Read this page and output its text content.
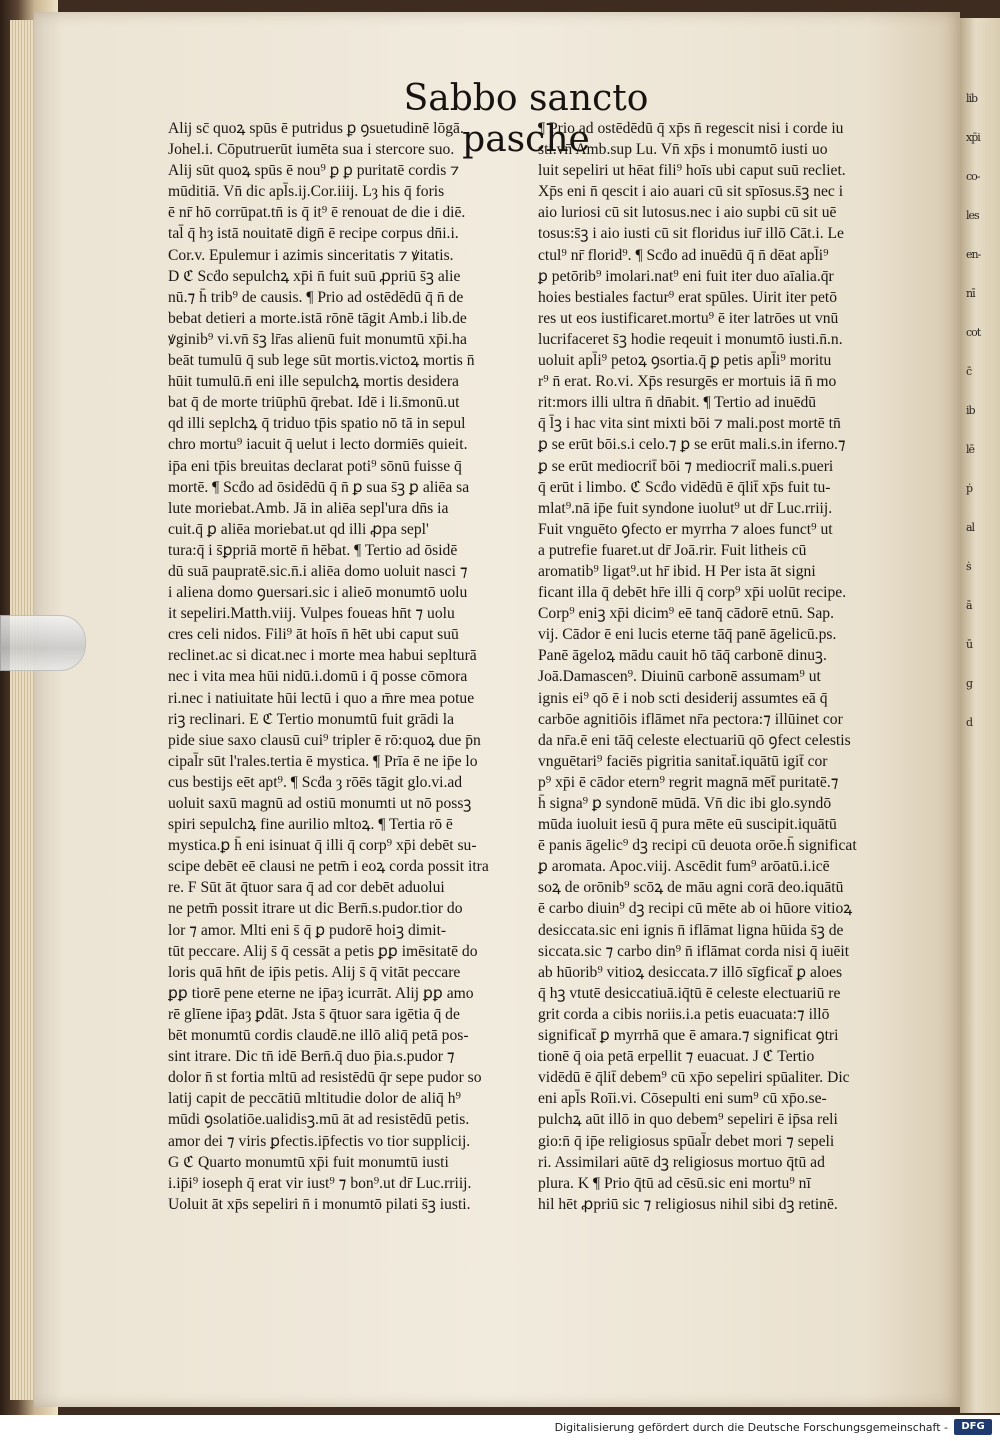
lib
xp̄i
co-
les
en-
nī
cot
c̄
ib
lē
ṗ
al
ṡ
ā
ū
g
d
Sabbo sancto pasche
Alij sc̄ quoꝝ spūs ē putridus ꝑ ꝯsuetudinē lōgā.
Johel.i. Cōputruerūt iumēta sua i stercore suo.
Alij sūt quoꝝ spūs ē nou⁹ ꝑ ꝑ puritatē cordis ⁊
mūditiā. Vn̄ dic apl̄s.ij.Cor.iiij. Lȝ his q̄ foris
ē nr̄ hō corrūpat.tn̄ is q̄ it⁹ ē renouat de die i diē.
tal̄ q̄ hȝ istā nouitatē dign̄ ē recipe corpus dn̄i.i.
Cor.v. Epulemur i azimis sinceritatis ⁊ ꝟitatis.
D ℭ Scḋo sepulchꝝ xp̄i n̄ fuit suū ꝓpriū s̄ꝫ alie
nū.⁊ h̄ trib⁹ de causis. ¶ Prio ad ostēdēdū q̄ n̄ de
bebat detieri a morte.istā rōnē tāgit Amb.i lib.de
ꝟginib⁹ vi.vn̄ s̄ꝫ lr̄as alienū fuit monumtū xp̄i.ha
beāt tumulū q̄ sub lege sūt mortis.victoꝝ mortis n̄
hūit tumulū.n̄ eni ille sepulchꝝ mortis desidera
bat q̄ de morte triūphū q̄rebat. Idē i li.s̄monū.ut
qd illi seplchꝝ q̄ triduo tp̄is spatio nō tā in sepul
chro mortu⁹ iacuit q̄ uelut i lecto dormiēs quieit.
ip̄a eni tp̄is breuitas declarat poti⁹ sōnū fuisse q̄
mortē. ¶ Scḋo ad ōsidēdū q̄ n̄ ꝑ sua s̄ꝫ ꝑ aliēa sa
lute moriebat.Amb. Jā in aliēa sepl'ura dn̄s ia
cuit.q̄ ꝑ aliēa moriebat.ut qd illi ꝓpa sepl'
tura:q̄ i s̄ꝑpriā mortē n̄ hēbat. ¶ Tertio ad ōsidē
dū suā paupratē.sic.n̄.i aliēa domo uoluit nasci ⁊
i aliena domo ꝯuersari.sic i alieō monumtō uolu
it sepeliri.Matth.viij. Vulpes foueas hn̄t ⁊ uolu
cres celi nidos. Fili⁹ āt hoīs n̄ hēt ubi caput suū
reclinet.ac si dicat.nec i morte mea habui seplturā
nec i vita mea hūi nidū.i.domū i q̄ posse cōmora
ri.nec i natiuitate hūi lectū i quo a m̄re mea potue
riꝫ reclinari. E ℭ Tertio monumtū fuit grādi la
pide siue saxo clausū cui⁹ tripler ē rō:quoꝝ due p̄n
cipal̄r sūt l'rales.tertia ē mystica. ¶ Prīa ē ne ip̄e lo
cus bestijs eēt apt⁹. ¶ Scḋa ȝ rōēs tāgit glo.vi.ad
uoluit saxū magnū ad ostiū monumti ut nō possꝫ
spiri sepulchꝝ fine aurilio mltoꝝ. ¶ Tertia rō ē
mystica.ꝑ h̄ eni isinuat q̄ illi q̄ corp⁹ xp̄i debēt su-
scipe debēt eē clausi ne petm̄ i eoꝝ corda possit itra
re. F Sūt āt q̄tuor sara q̄ ad cor debēt aduolui
ne petm̄ possit itrare ut dic Bern̄.s.pudor.tior do
lor ⁊ amor. Mlti eni s̄ q̄ ꝑ pudorē hoiꝫ dimit-
tūt peccare. Alij s̄ q̄ cessāt a petis ꝑꝑ imēsitatē do
loris quā hn̄t de ip̄is petis. Alij s̄ q̄ vitāt peccare
ꝑꝑ tiorē pene eterne ne ip̄aȝ icurrāt. Alij ꝑꝑ amo
rē glīene ip̄aȝ ꝑdāt. Jsta s̄ q̄tuor sara igētia q̄ de
bēt monumtū cordis claudē.ne illō aliq̄ petā pos-
sint itrare. Dic tn̄ idē Bern̄.q̄ duo p̄ia.s.pudor ⁊
dolor n̄ st fortia mltū ad resistēdū q̄r sepe pudor so
latij capit de peccātiū mltitudie dolor de aliq̄ h⁹
mūdi ꝯsolatiōe.ualidisꝫ.mū āt ad resistēdū petis.
amor dei ⁊ viris ꝑfectis.ip̄fectis vo tior supplicij.
G ℭ Quarto monumtū xp̄i fuit monumtū iusti
i.ip̄i⁹ ioseph q̄ erat vir iust⁹ ⁊ bon⁹.ut dr̄ Luc.rriij.
Uoluit āt xp̄s sepeliri n̄ i monumtō pilati s̄ꝫ iusti.
¶ Prio ad ostēdēdū q̄ xp̄s n̄ regescit nisi i corde iu
sti.vn̄ Amb.sup Lu. Vn̄ xp̄s i monumtō iusti uo
luit sepeliri ut hēat fili⁹ hoīs ubi caput suū recliet.
Xp̄s eni n̄ qescit i aio auari cū sit spīosus.s̄ꝫ nec i
aio luriosi cū sit lutosus.nec i aio supbi cū sit uē
tosus:s̄ꝫ i aio iusti cū sit floridus iur̄ illō Cāt.i. Le
ctul⁹ nr̄ florid⁹. ¶ Scḋo ad inuēdū q̄ n̄ dēat apl̄i⁹
ꝑ petōrib⁹ imolari.nat⁹ eni fuit iter duo aīalia.q̄r
hoies bestiales factur⁹ erat spūles. Uirit iter petō
res ut eos iustificaret.mortu⁹ ē iter latrōes ut vnū
lucrifaceret s̄ꝫ hodie reqeuit i monumtō iusti.n̄.n.
uoluit apl̄i⁹ petoꝝ ꝯsortia.q̄ ꝑ petis apl̄i⁹ moritu
r⁹ n̄ erat. Ro.vi. Xp̄s resurgēs er mortuis iā n̄ mo
rit:mors illi ultra n̄ dn̄abit. ¶ Tertio ad inuēdū
q̄ l̄ꝫ i hac vita sint mixti bōi ⁊ mali.post mortē tn̄
ꝑ se erūt bōi.s.i celo.⁊ ꝑ se erūt mali.s.in iferno.⁊
ꝑ se erūt mediocrit̄ bōi ⁊ mediocrit̄ mali.s.pueri
q̄ erūt i limbo. ℭ Scḋo vidēdū ē q̄lit̄ xp̄s fuit tu-
mlat⁹.nā ip̄e fuit syndone iuolut⁹ ut dr̄ Luc.rriij.
Fuit vnguēto ꝯfecto er myrrha ⁊ aloes funct⁹ ut
a putrefie fuaret.ut dr̄ Joā.rir. Fuit litheis cū
aromatib⁹ ligat⁹.ut hr̄ ibid. H Per ista āt signi
ficant illa q̄ debēt hr̄e illi q̄ corp⁹ xp̄i uolūt recipe.
Corp⁹ eniꝫ xp̄i dicim⁹ eē tanq̄ cādorē etnū. Sap.
vij. Cādor ē eni lucis eterne tāq̄ panē āgelicū.ps.
Panē āgeloꝝ mādu cauit hō tāq̄ carbonē dinuꝫ.
Joā.Damascen⁹. Diuinū carbonē assumam⁹ ut
ignis ei⁹ qō ē i nob scti desiderij assumtes eā q̄
carbōe agnitiōis iflāmet nr̄a pectora:⁊ illūinet cor
da nr̄a.ē eni tāq̄ celeste electuariū qō ꝯfect celestis
vnguētari⁹ faciēs pigritia sanitat̄.iquātū igit̄ cor
p⁹ xp̄i ē cādor etern⁹ regrit magnā mēt̄ puritatē.⁊
h̄ signa⁹ ꝑ syndonē mūdā. Vn̄ dic ibi glo.syndō
mūda iuoluit iesū q̄ pura mēte eū suscipit.iquātū
ē panis āgelic⁹ dꝫ recipi cū deuota orōe.h̄ significat
ꝑ aromata. Apoc.viij. Ascēdit fum⁹ arōatū.i.icē
soꝝ de orōnib⁹ scōꝝ de māu agni corā deo.iquātū
ē carbo diuin⁹ dꝫ recipi cū mēte ab oi hūore vitioꝝ
desiccata.sic eni ignis n̄ iflāmat ligna hūida s̄ꝫ de
siccata.sic ⁊ carbo din⁹ n̄ iflāmat corda nisi q̄ iuēit
ab hūorib⁹ vitioꝝ desiccata.⁊ illō sīgficat̄ ꝑ aloes
q̄ hꝫ vtutē desiccatiuā.iq̄tū ē celeste electuariū re
grit corda a cibis noriis.i.a petis euacuata:⁊ illō
significat̄ ꝑ myrrhā que ē amara.⁊ significat ꝯtri
tionē q̄ oia petā erpellit ⁊ euacuat. J ℭ Tertio
vidēdū ē q̄lit̄ debem⁹ cū xp̄o sepeliri spūaliter. Dic
eni apl̄s Roīi.vi. Cōsepulti eni sum⁹ cū xp̄o.se-
pulchꝝ aūt illō in quo debem⁹ sepeliri ē ip̄sa reli
gio:n̄ q̄ ip̄e religiosus spūal̄r debet mori ⁊ sepeli
ri. Assimilari aūtē dꝫ religiosus mortuo q̄tū ad
plura. K ¶ Prio q̄tū ad cēsū.sic eni mortu⁹ nī
hil hēt ꝓpriū sic ⁊ religiosus nihil sibi dꝫ retinē.
Digitalisierung gefördert durch die Deutsche Forschungsgemeinschaft -	DFG
